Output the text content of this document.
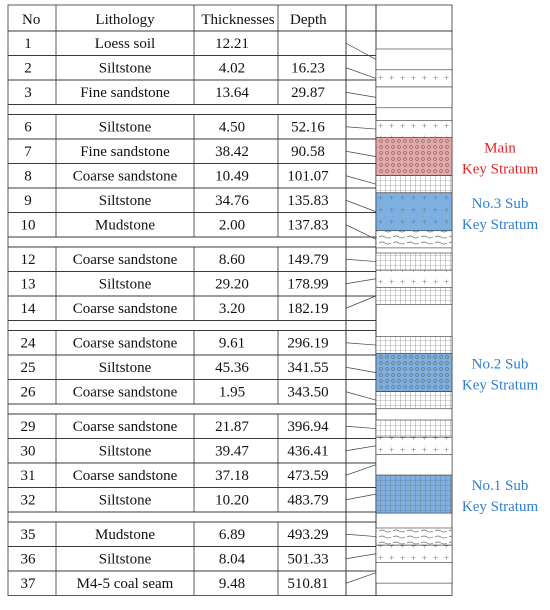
No	Lithology	Thicknesses Depth
1	Loess soil	12.21
2	Siltstone	4.02	16.23
3	Fine sandstone	13.64	29.87
6	Siltstone	4.50	52.16
7	Fine sandstone	38.42	90.58
8	Coarse sandstone	10.49	101.07
9	Siltstone	34.76	135.83
10	Mudstone	2.00	137.83
12 Coarse sandstone	8.60	149.79
13	Siltstone	29.20	178.99
14 Coarse sandstone	3.20	182.19
24 Coarse sandstone	9.61	296.19
25	Siltstone	45.36	341.55
26 Coarse sandstone	1.95	343.50
29 Coarse sandstone	21.87	396.94
30	Siltstone	39.47	436.41
31 Coarse sandstone	37.18	473.59
32	Siltstone	10.20	483.79
35	Mudstone	6.89	493.29
36	Siltstone	8.04	501.33
37	M4-5 coal seam	9.48	510.81
Main
Key Stratum
No.3 Sub
Key Stratum
No.2 Sub
Key Stratum
No.1 Sub
Key Stratum
